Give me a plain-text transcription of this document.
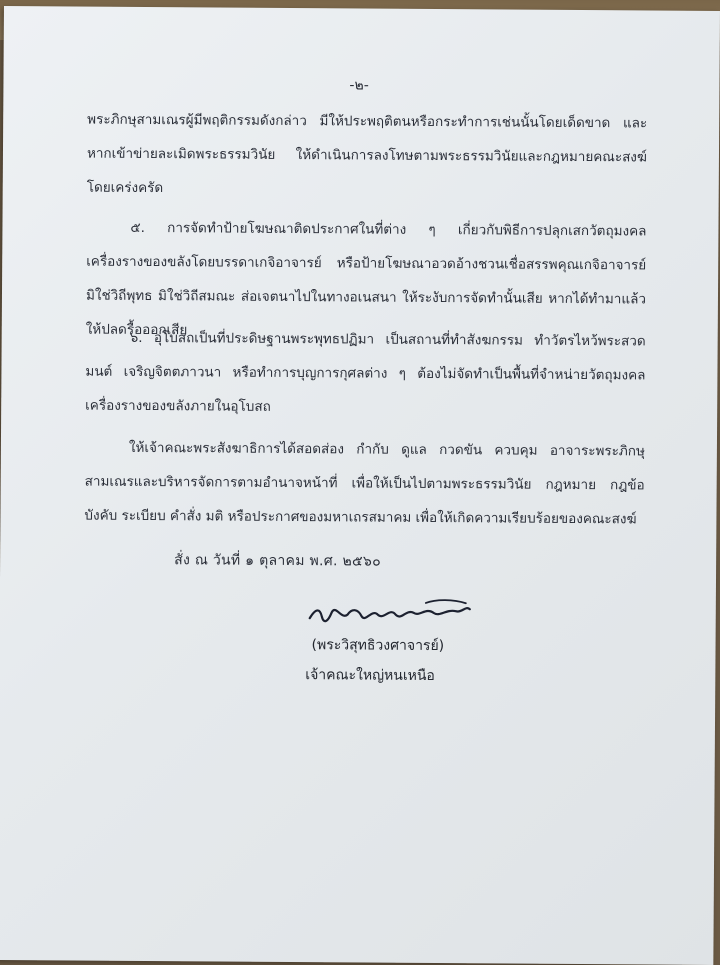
-๒-
พระภิกษุสามเณรผู้มีพฤติกรรมดังกล่าว มีให้ประพฤติตนหรือกระทำการเช่นนั้นโดยเด็ดขาด และหากเข้าข่ายละเมิดพระธรรมวินัย ให้ดำเนินการลงโทษตามพระธรรมวินัยและกฎหมายคณะสงฆ์โดยเคร่งครัด
๕. การจัดทำป้ายโฆษณาติดประกาศในที่ต่าง ๆ เกี่ยวกับพิธีการปลุกเสกวัตถุมงคลเครื่องรางของขลังโดยบรรดาเกจิอาจารย์ หรือป้ายโฆษณาอวดอ้างชวนเชื่อสรรพคุณเกจิอาจารย์ มิใช่วิถีพุทธ มิใช่วิถีสมณะ ส่อเจตนาไปในทางอเนสนา ให้ระงับการจัดทำนั้นเสีย หากได้ทำมาแล้วให้ปลดรื้อออกเสีย
๖. อุโบสถเป็นที่ประดิษฐานพระพุทธปฏิมา เป็นสถานที่ทำสังฆกรรม ทำวัตรไหว้พระสวดมนต์ เจริญจิตตภาวนา หรือทำการบุญการกุศลต่าง ๆ ต้องไม่จัดทำเป็นพื้นที่จำหน่ายวัตถุมงคลเครื่องรางของขลังภายในอุโบสถ
ให้เจ้าคณะพระสังฆาธิการได้สอดส่อง กำกับ ดูแล กวดขัน ควบคุม อาจาระพระภิกษุสามเณรและบริหารจัดการตามอำนาจหน้าที่ เพื่อให้เป็นไปตามพระธรรมวินัย กฎหมาย กฎข้อบังคับ ระเบียบ คำสั่ง มติ หรือประกาศของมหาเถรสมาคม เพื่อให้เกิดความเรียบร้อยของคณะสงฆ์
สั่ง ณ วันที่ ๑ ตุลาคม พ.ศ. ๒๕๖๐
(พระวิสุทธิวงศาจารย์)
เจ้าคณะใหญ่หนเหนือ
